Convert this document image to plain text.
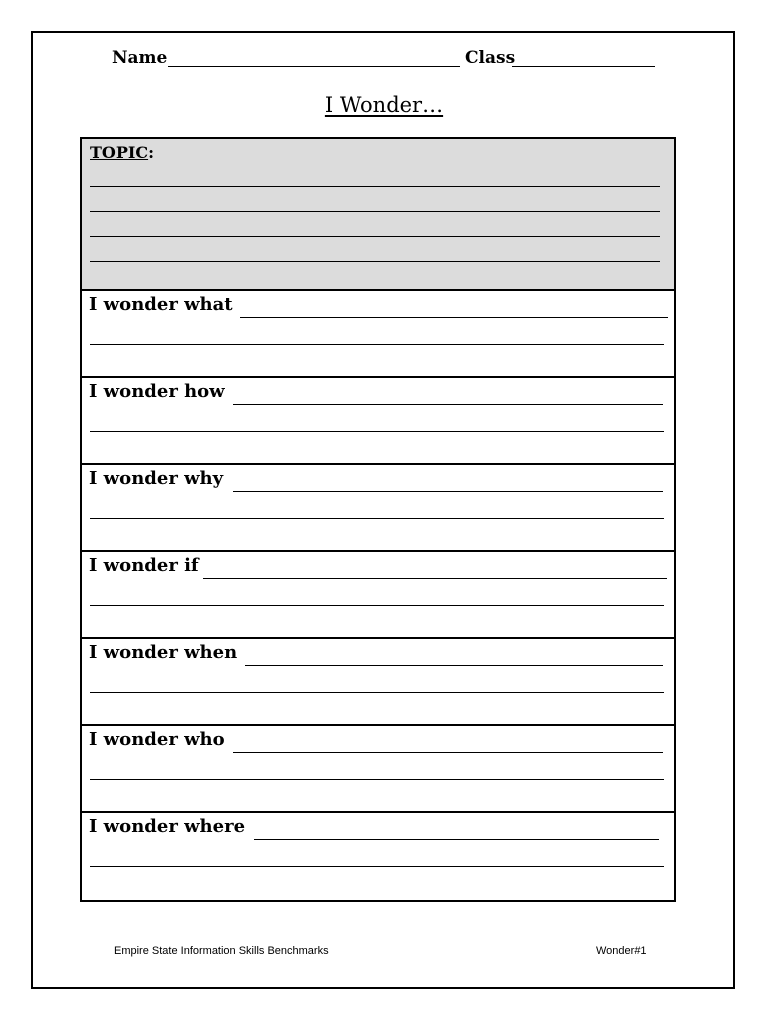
Name	Class
I Wonder…
TOPIC:
I wonder what
I wonder how
I wonder why
I wonder if
I wonder when
I wonder who
I wonder where
Empire State Information Skills Benchmarks	Wonder#1
